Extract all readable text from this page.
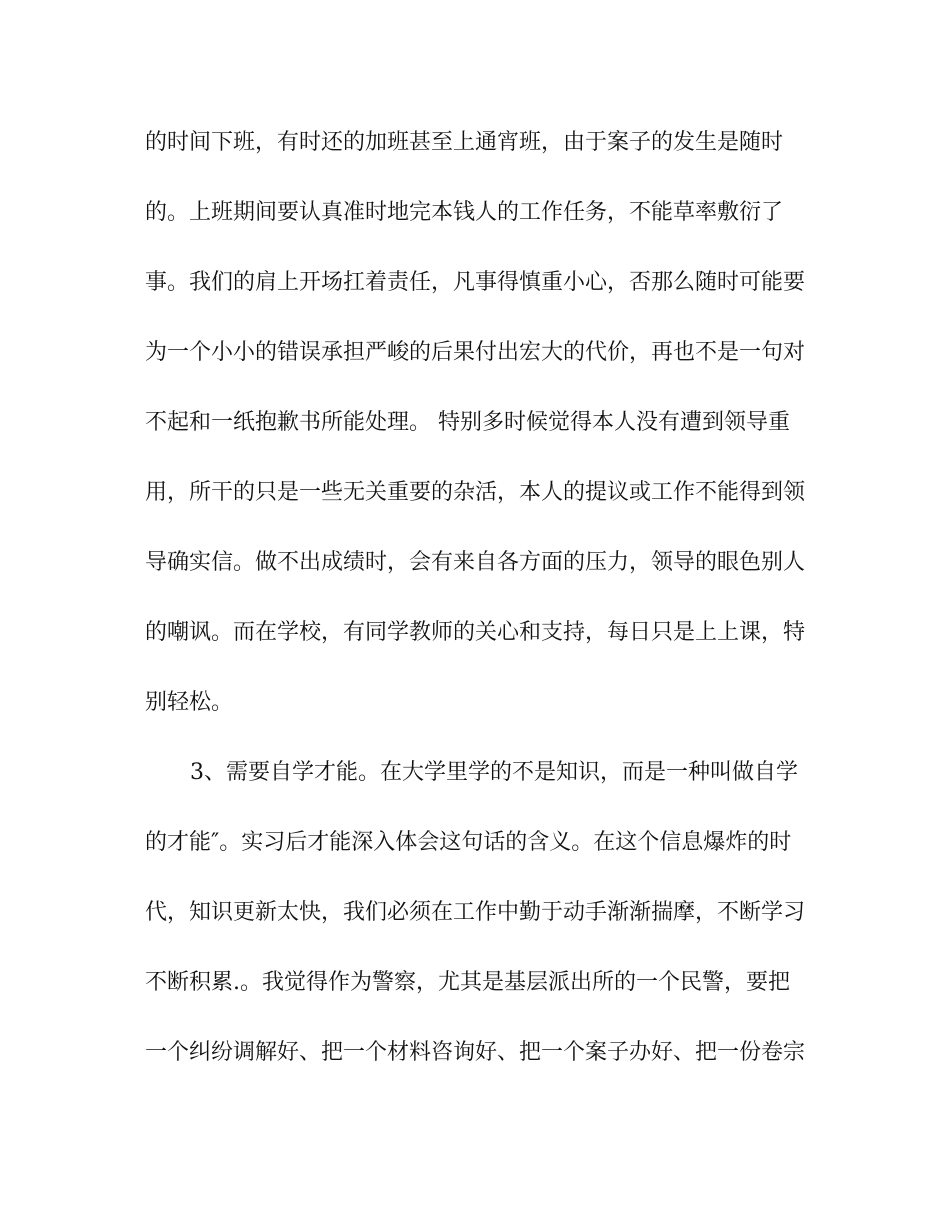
的时间下班，有时还的加班甚至上通宵班，由于案子的发生是随时
的。上班期间要认真准时地完本钱人的工作任务，不能草率敷衍了
事。我们的肩上开场扛着责任，凡事得慎重小心，否那么随时可能要
为一个小小的错误承担严峻的后果付出宏大的代价，再也不是一句对
不起和一纸抱歉书所能处理。 特别多时候觉得本人没有遭到领导重
用，所干的只是一些无关重要的杂活，本人的提议或工作不能得到领
导确实信。做不出成绩时，会有来自各方面的压力，领导的眼色别人
的嘲讽。而在学校，有同学教师的关心和支持，每日只是上上课，特
别轻松。
3、需要自学才能。在大学里学的不是知识，而是一种叫做自学
的才能″。实习后才能深入体会这句话的含义。在这个信息爆炸的时
代，知识更新太快，我们必须在工作中勤于动手渐渐揣摩，不断学习
不断积累.。我觉得作为警察，尤其是基层派出所的一个民警，要把
一个纠纷调解好、把一个材料咨询好、把一个案子办好、把一份卷宗
